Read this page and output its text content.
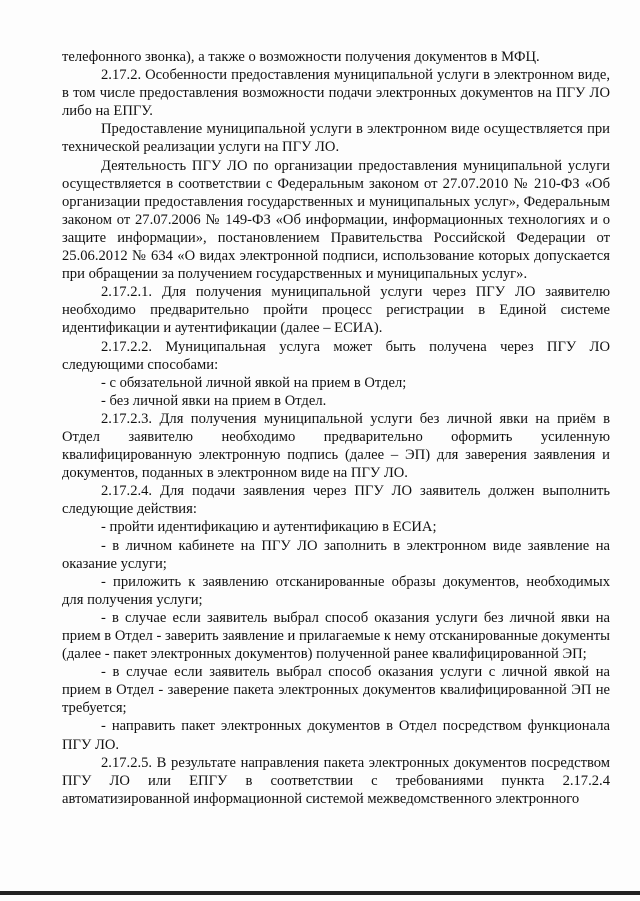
телефонного звонка), а также о возможности получения документов в МФЦ.

2.17.2. Особенности предоставления муниципальной услуги в электронном виде, в том числе предоставления возможности подачи электронных документов на ПГУ ЛО либо на ЕПГУ.

Предоставление муниципальной услуги в электронном виде осуществляется при технической реализации услуги на ПГУ ЛО.

Деятельность ПГУ ЛО по организации предоставления муниципальной услуги осуществляется в соответствии с Федеральным законом от 27.07.2010 № 210-ФЗ «Об организации предоставления государственных и муниципальных услуг», Федеральным законом от 27.07.2006 № 149-ФЗ «Об информации, информационных технологиях и о защите информации», постановлением Правительства Российской Федерации от 25.06.2012 № 634 «О видах электронной подписи, использование которых допускается при обращении за получением государственных и муниципальных услуг».

2.17.2.1. Для получения муниципальной услуги через ПГУ ЛО заявителю необходимо предварительно пройти процесс регистрации в Единой системе идентификации и аутентификации (далее – ЕСИА).

2.17.2.2. Муниципальная услуга может быть получена через ПГУ ЛО следующими способами:

- с обязательной личной явкой на прием в Отдел;

- без личной явки на прием в Отдел.

2.17.2.3. Для получения муниципальной услуги без личной явки на приём в Отдел заявителю необходимо предварительно оформить усиленную квалифицированную электронную подпись (далее – ЭП) для заверения заявления и документов, поданных в электронном виде на ПГУ ЛО.

2.17.2.4. Для подачи заявления через ПГУ ЛО заявитель должен выполнить следующие действия:

- пройти идентификацию и аутентификацию в ЕСИА;

- в личном кабинете на ПГУ ЛО заполнить в электронном виде заявление на оказание услуги;

- приложить к заявлению отсканированные образы документов, необходимых для получения услуги;

- в случае если заявитель выбрал способ оказания услуги без личной явки на прием в Отдел - заверить заявление и прилагаемые к нему отсканированные документы (далее - пакет электронных документов) полученной ранее квалифицированной ЭП;

- в случае если заявитель выбрал способ оказания услуги с личной явкой на прием в Отдел - заверение пакета электронных документов квалифицированной ЭП не требуется;

- направить пакет электронных документов в Отдел посредством функционала ПГУ ЛО.

2.17.2.5. В результате направления пакета электронных документов посредством ПГУ ЛО или ЕПГУ в соответствии с требованиями пункта 2.17.2.4 автоматизированной информационной системой межведомственного электронного
